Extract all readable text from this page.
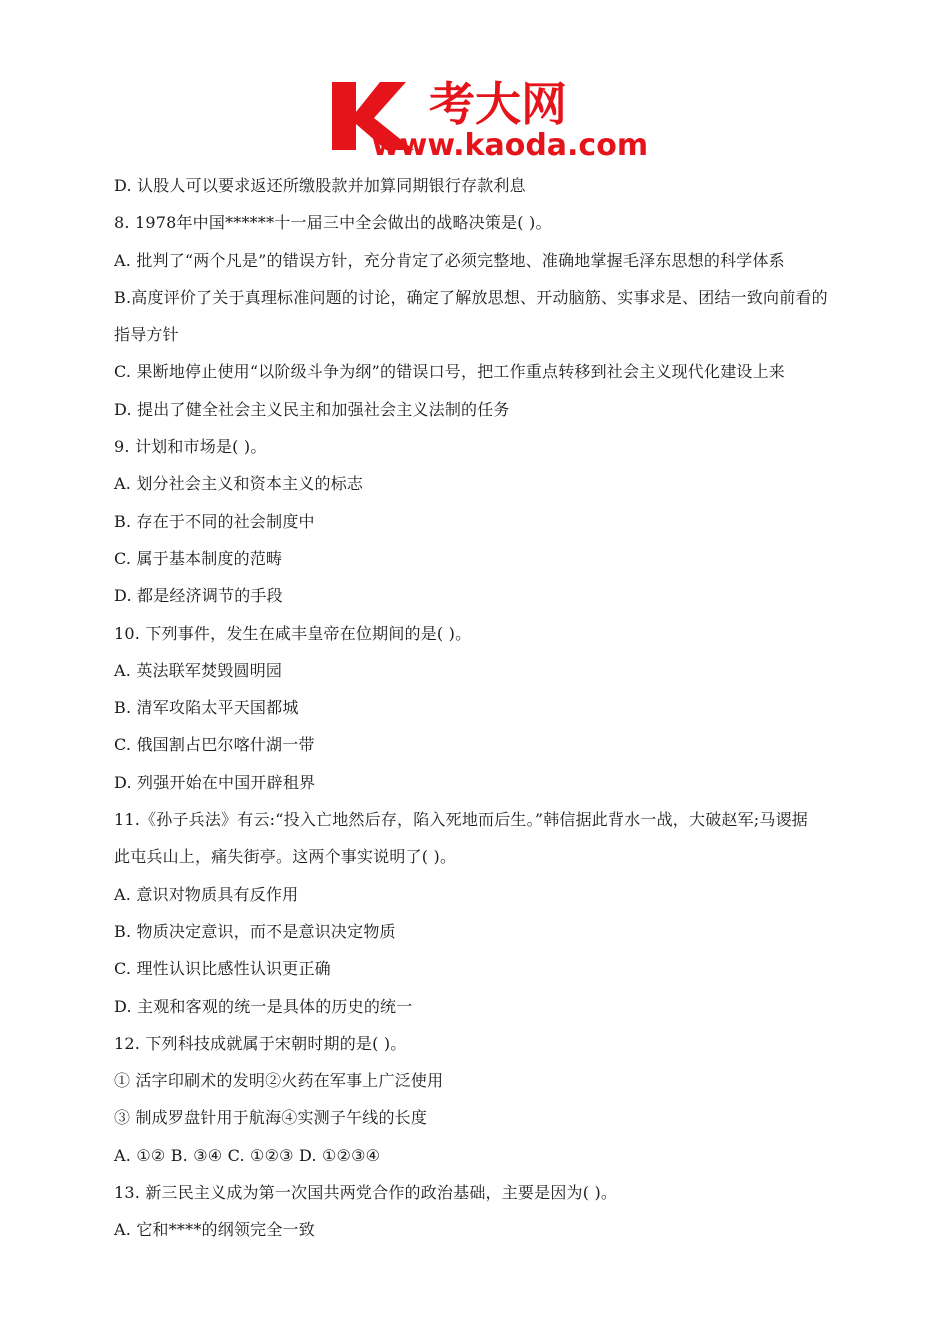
考大网
www.kaoda.com
D. 认股人可以要求返还所缴股款并加算同期银行存款利息
8. 1978年中国******十一届三中全会做出的战略决策是( )。
A. 批判了“两个凡是”的错误方针，充分肯定了必须完整地、准确地掌握毛泽东思想的科学体系
B.高度评价了关于真理标准问题的讨论，确定了解放思想、开动脑筋、实事求是、团结一致向前看的
指导方针
C. 果断地停止使用“以阶级斗争为纲”的错误口号，把工作重点转移到社会主义现代化建设上来
D. 提出了健全社会主义民主和加强社会主义法制的任务
9. 计划和市场是( )。
A. 划分社会主义和资本主义的标志
B. 存在于不同的社会制度中
C. 属于基本制度的范畴
D. 都是经济调节的手段
10. 下列事件，发生在咸丰皇帝在位期间的是( )。
A. 英法联军焚毁圆明园
B. 清军攻陷太平天国都城
C. 俄国割占巴尔喀什湖一带
D. 列强开始在中国开辟租界
11.《孙子兵法》有云:“投入亡地然后存，陷入死地而后生。”韩信据此背水一战，大破赵军;马谡据
此屯兵山上，痛失街亭。这两个事实说明了( )。
A. 意识对物质具有反作用
B. 物质决定意识，而不是意识决定物质
C. 理性认识比感性认识更正确
D. 主观和客观的统一是具体的历史的统一
12. 下列科技成就属于宋朝时期的是( )。
① 活字印刷术的发明②火药在军事上广泛使用
③ 制成罗盘针用于航海④实测子午线的长度
A. ①② B. ③④ C. ①②③ D. ①②③④
13. 新三民主义成为第一次国共两党合作的政治基础，主要是因为( )。
A. 它和****的纲领完全一致
